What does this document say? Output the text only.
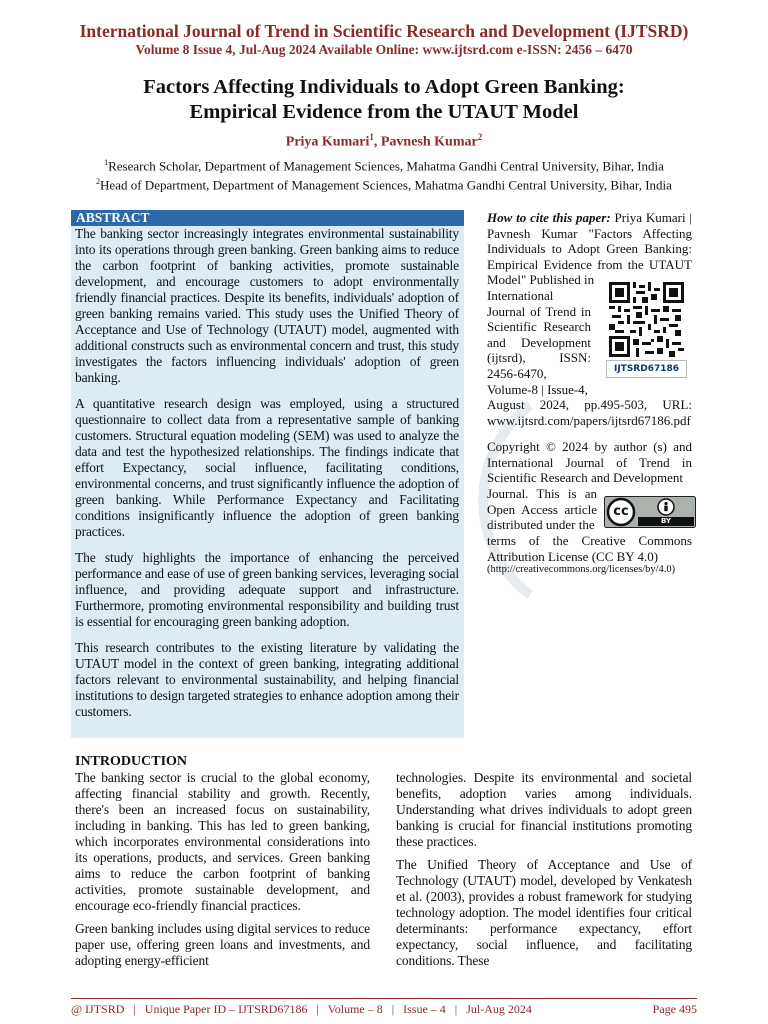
International Journal of Trend in Scientific Research and Development (IJTSRD)
Volume 8 Issue 4, Jul-Aug 2024 Available Online: www.ijtsrd.com e-ISSN: 2456 – 6470
Factors Affecting Individuals to Adopt Green Banking:
Empirical Evidence from the UTAUT Model
Priya Kumari$^1$, Pavnesh Kumar$^2$
$^1$Research Scholar, Department of Management Sciences, Mahatma Gandhi Central University, Bihar, India
$^2$Head of Department, Department of Management Sciences, Mahatma Gandhi Central University, Bihar, India
ABSTRACT

The banking sector increasingly integrates environmental sustainability into its operations through green banking. Green banking aims to reduce the carbon footprint of banking activities, promote sustainable development, and encourage customers to adopt environmentally friendly financial practices. Despite its benefits, individuals' adoption of green banking remains varied. This study uses the Unified Theory of Acceptance and Use of Technology (UTAUT) model, augmented with additional constructs such as environmental concern and trust, this study investigates the factors influencing individuals' adoption of green banking.

A quantitative research design was employed, using a structured questionnaire to collect data from a representative sample of banking customers. Structural equation modeling (SEM) was used to analyze the data and test the hypothesized relationships. The findings indicate that effort Expectancy, social influence, facilitating conditions, environmental concerns, and trust significantly influence the adoption of green banking. While Performance Expectancy and Facilitating conditions insignificantly influence the adoption of green banking practices.

The study highlights the importance of enhancing the perceived performance and ease of use of green banking services, leveraging social influence, and providing adequate support and infrastructure. Furthermore, promoting environmental responsibility and building trust is essential for encouraging green banking adoption.

This research contributes to the existing literature by validating the UTAUT model in the context of green banking, integrating additional factors relevant to environmental sustainability, and helping financial institutions to design targeted strategies to enhance adoption among their customers.

How to cite this paper: Priya Kumari | Pavnesh Kumar "Factors Affecting Individuals to Adopt Green Banking: Empirical Evidence from the UTAUT Model" Published in
International Journal of Trend in Scientific Research and Development (ijtsrd), ISSN: 2456-6470, Volume-8 | Issue-4,
August 2024, pp.495-503, URL: www.ijtsrd.com/papers/ijtsrd67186.pdf
IJTSRD67186
Copyright © 2024 by author (s) and International Journal of Trend in Scientific Research and Development
Journal. This is an Open Access article distributed under the
terms of the Creative Commons Attribution License (CC BY 4.0)
(http://creativecommons.org/licenses/by/4.0)
cc
BY
INTRODUCTION

The banking sector is crucial to the global economy, affecting financial stability and growth. Recently, there's been an increased focus on sustainability, including in banking. This has led to green banking, which incorporates environmental considerations into its operations, products, and services. Green banking aims to reduce the carbon footprint of banking activities, promote sustainable development, and encourage eco-friendly financial practices.

Green banking includes using digital services to reduce paper use, offering green loans and investments, and adopting energy-efficient

technologies. Despite its environmental and societal benefits, adoption varies among individuals. Understanding what drives individuals to adopt green banking is crucial for financial institutions promoting these practices.

The Unified Theory of Acceptance and Use of Technology (UTAUT) model, developed by Venkatesh et al. (2003), provides a robust framework for studying technology adoption. The model identifies four critical determinants: performance expectancy, effort expectancy, social influence, and facilitating conditions. These

@ IJTSRD   |   Unique Paper ID – IJTSRD67186   |   Volume – 8   |   Issue – 4   |   Jul-Aug 2024	Page 495
